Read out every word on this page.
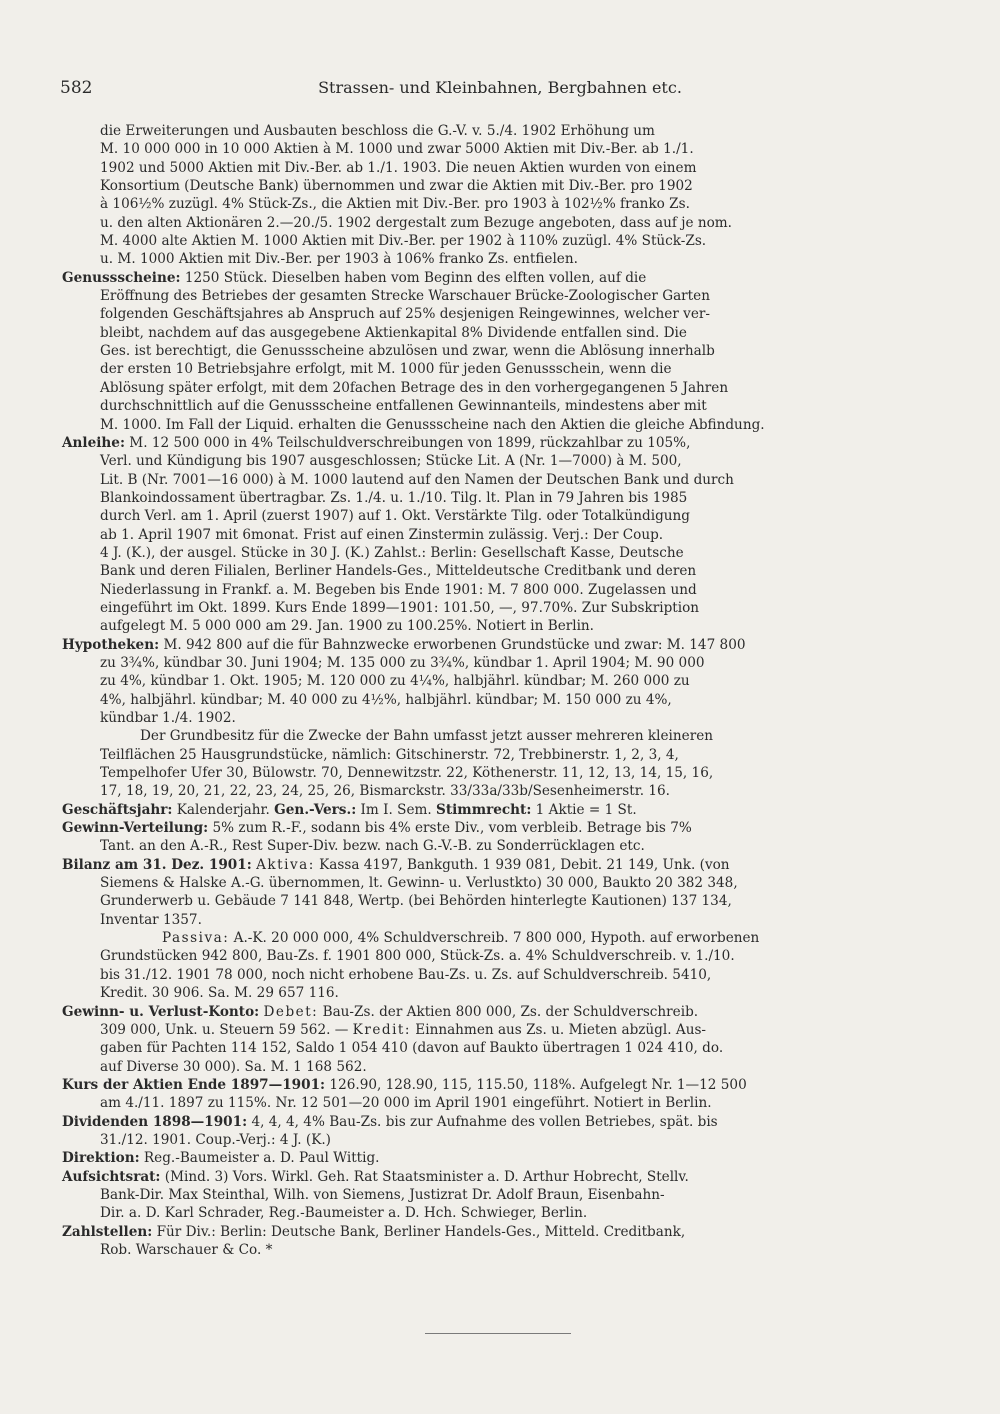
582	Strassen- und Kleinbahnen, Bergbahnen etc.
die Erweiterungen und Ausbauten beschloss die G.-V. v. 5./4. 1902 Erhöhung um
M. 10 000 000 in 10 000 Aktien à M. 1000 und zwar 5000 Aktien mit Div.-Ber. ab 1./1.
1902 und 5000 Aktien mit Div.-Ber. ab 1./1. 1903. Die neuen Aktien wurden von einem
Konsortium (Deutsche Bank) übernommen und zwar die Aktien mit Div.-Ber. pro 1902
à 106½% zuzügl. 4% Stück-Zs., die Aktien mit Div.-Ber. pro 1903 à 102½% franko Zs.
u. den alten Aktionären 2.—20./5. 1902 dergestalt zum Bezuge angeboten, dass auf je nom.
M. 4000 alte Aktien M. 1000 Aktien mit Div.-Ber. per 1902 à 110% zuzügl. 4% Stück-Zs.
u. M. 1000 Aktien mit Div.-Ber. per 1903 à 106% franko Zs. entfielen.
Genussscheine: 1250 Stück. Dieselben haben vom Beginn des elften vollen, auf die
Eröffnung des Betriebes der gesamten Strecke Warschauer Brücke-Zoologischer Garten
folgenden Geschäftsjahres ab Anspruch auf 25% desjenigen Reingewinnes, welcher ver-
bleibt, nachdem auf das ausgegebene Aktienkapital 8% Dividende entfallen sind. Die
Ges. ist berechtigt, die Genussscheine abzulösen und zwar, wenn die Ablösung innerhalb
der ersten 10 Betriebsjahre erfolgt, mit M. 1000 für jeden Genussschein, wenn die
Ablösung später erfolgt, mit dem 20fachen Betrage des in den vorhergegangenen 5 Jahren
durchschnittlich auf die Genussscheine entfallenen Gewinnanteils, mindestens aber mit
M. 1000. Im Fall der Liquid. erhalten die Genussscheine nach den Aktien die gleiche Abfindung.
Anleihe: M. 12 500 000 in 4% Teilschuldverschreibungen von 1899, rückzahlbar zu 105%,
Verl. und Kündigung bis 1907 ausgeschlossen; Stücke Lit. A (Nr. 1—7000) à M. 500,
Lit. B (Nr. 7001—16 000) à M. 1000 lautend auf den Namen der Deutschen Bank und durch
Blankoindossament übertragbar. Zs. 1./4. u. 1./10. Tilg. lt. Plan in 79 Jahren bis 1985
durch Verl. am 1. April (zuerst 1907) auf 1. Okt. Verstärkte Tilg. oder Totalkündigung
ab 1. April 1907 mit 6monat. Frist auf einen Zinstermin zulässig. Verj.: Der Coup.
4 J. (K.), der ausgel. Stücke in 30 J. (K.) Zahlst.: Berlin: Gesellschaft Kasse, Deutsche
Bank und deren Filialen, Berliner Handels-Ges., Mitteldeutsche Creditbank und deren
Niederlassung in Frankf. a. M. Begeben bis Ende 1901: M. 7 800 000. Zugelassen und
eingeführt im Okt. 1899. Kurs Ende 1899—1901: 101.50, —, 97.70%. Zur Subskription
aufgelegt M. 5 000 000 am 29. Jan. 1900 zu 100.25%. Notiert in Berlin.
Hypotheken: M. 942 800 auf die für Bahnzwecke erworbenen Grundstücke und zwar: M. 147 800
zu 3¾%, kündbar 30. Juni 1904; M. 135 000 zu 3¾%, kündbar 1. April 1904; M. 90 000
zu 4%, kündbar 1. Okt. 1905; M. 120 000 zu 4¼%, halbjährl. kündbar; M. 260 000 zu
4%, halbjährl. kündbar; M. 40 000 zu 4½%, halbjährl. kündbar; M. 150 000 zu 4%,
kündbar 1./4. 1902.
Der Grundbesitz für die Zwecke der Bahn umfasst jetzt ausser mehreren kleineren
Teilflächen 25 Hausgrundstücke, nämlich: Gitschinerstr. 72, Trebbinerstr. 1, 2, 3, 4,
Tempelhofer Ufer 30, Bülowstr. 70, Dennewitzstr. 22, Köthenerstr. 11, 12, 13, 14, 15, 16,
17, 18, 19, 20, 21, 22, 23, 24, 25, 26, Bismarckstr. 33/33a/33b/Sesenheimerstr. 16.
Geschäftsjahr: Kalenderjahr. Gen.-Vers.: Im I. Sem. Stimmrecht: 1 Aktie = 1 St.
Gewinn-Verteilung: 5% zum R.-F., sodann bis 4% erste Div., vom verbleib. Betrage bis 7%
Tant. an den A.-R., Rest Super-Div. bezw. nach G.-V.-B. zu Sonderrücklagen etc.
Bilanz am 31. Dez. 1901: Aktiva: Kassa 4197, Bankguth. 1 939 081, Debit. 21 149, Unk. (von
Siemens & Halske A.-G. übernommen, lt. Gewinn- u. Verlustkto) 30 000, Baukto 20 382 348,
Grunderwerb u. Gebäude 7 141 848, Wertp. (bei Behörden hinterlegte Kautionen) 137 134,
Inventar 1357.
Passiva: A.-K. 20 000 000, 4% Schuldverschreib. 7 800 000, Hypoth. auf erworbenen
Grundstücken 942 800, Bau-Zs. f. 1901 800 000, Stück-Zs. a. 4% Schuldverschreib. v. 1./10.
bis 31./12. 1901 78 000, noch nicht erhobene Bau-Zs. u. Zs. auf Schuldverschreib. 5410,
Kredit. 30 906. Sa. M. 29 657 116.
Gewinn- u. Verlust-Konto: Debet: Bau-Zs. der Aktien 800 000, Zs. der Schuldverschreib.
309 000, Unk. u. Steuern 59 562. — Kredit: Einnahmen aus Zs. u. Mieten abzügl. Aus-
gaben für Pachten 114 152, Saldo 1 054 410 (davon auf Baukto übertragen 1 024 410, do.
auf Diverse 30 000). Sa. M. 1 168 562.
Kurs der Aktien Ende 1897—1901: 126.90, 128.90, 115, 115.50, 118%. Aufgelegt Nr. 1—12 500
am 4./11. 1897 zu 115%. Nr. 12 501—20 000 im April 1901 eingeführt. Notiert in Berlin.
Dividenden 1898—1901: 4, 4, 4, 4% Bau-Zs. bis zur Aufnahme des vollen Betriebes, spät. bis
31./12. 1901. Coup.-Verj.: 4 J. (K.)
Direktion: Reg.-Baumeister a. D. Paul Wittig.
Aufsichtsrat: (Mind. 3) Vors. Wirkl. Geh. Rat Staatsminister a. D. Arthur Hobrecht, Stellv.
Bank-Dir. Max Steinthal, Wilh. von Siemens, Justizrat Dr. Adolf Braun, Eisenbahn-
Dir. a. D. Karl Schrader, Reg.-Baumeister a. D. Hch. Schwieger, Berlin.
Zahlstellen: Für Div.: Berlin: Deutsche Bank, Berliner Handels-Ges., Mitteld. Creditbank,
Rob. Warschauer & Co. *
